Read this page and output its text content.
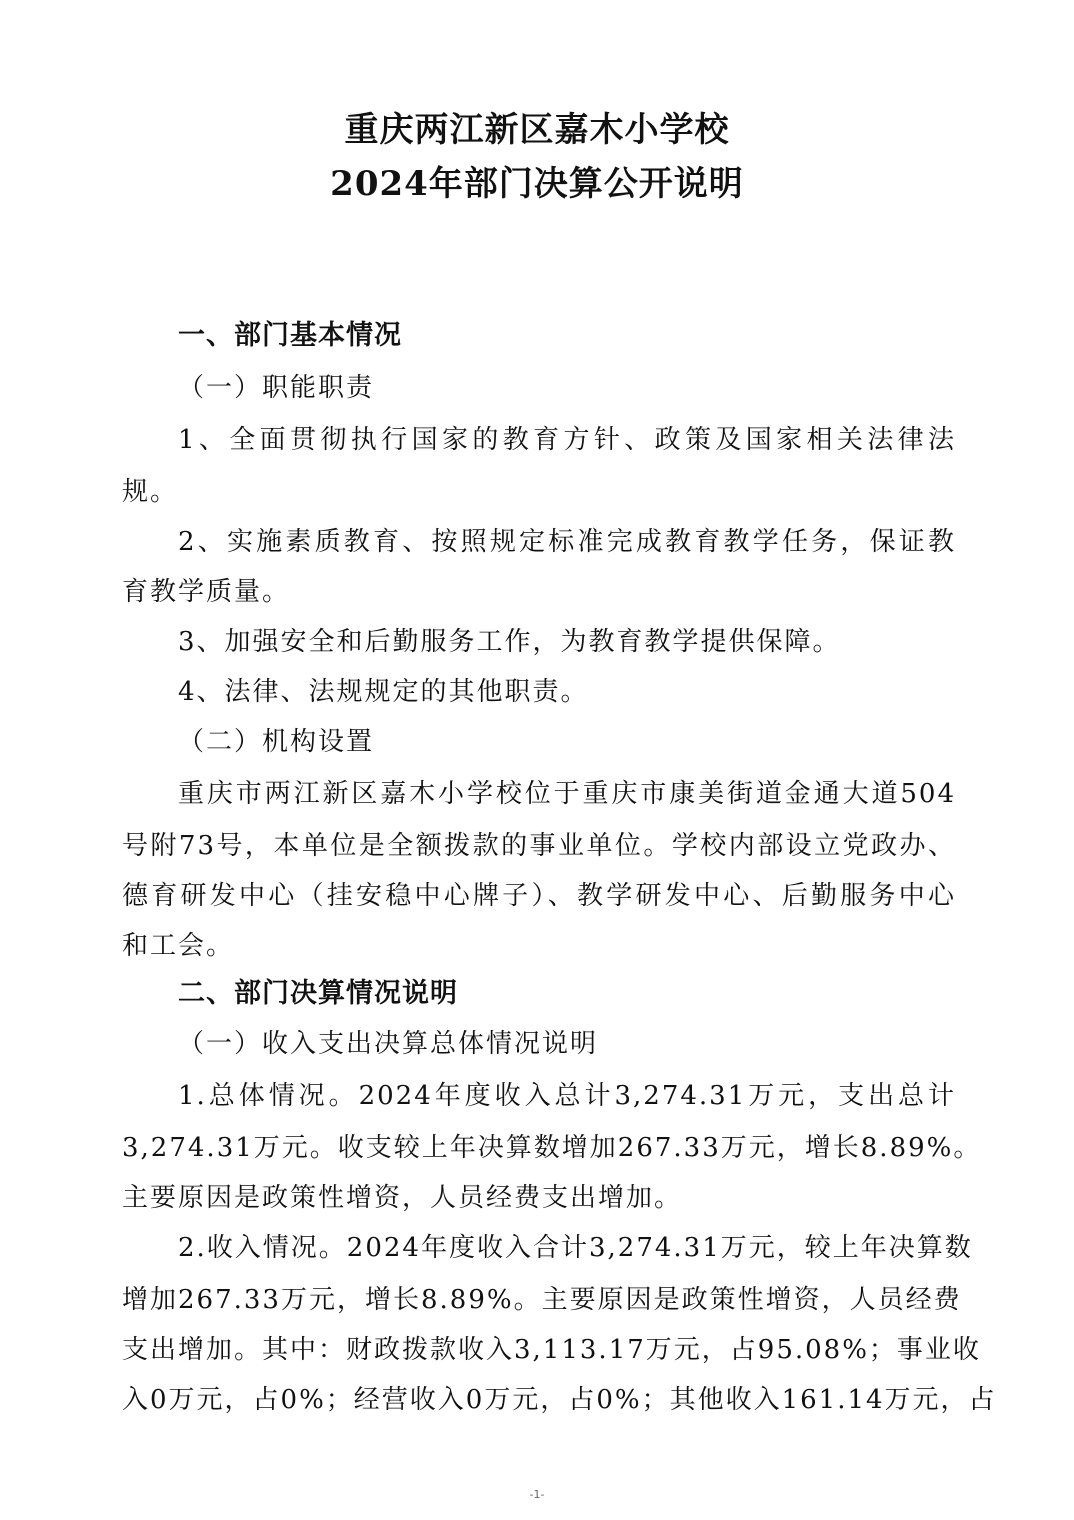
重庆两江新区嘉木小学校
2024年部门决算公开说明
一、部门基本情况
（一）职能职责
1、全面贯彻执行国家的教育方针、政策及国家相关法律法
规。
2、实施素质教育、按照规定标准完成教育教学任务，保证教
育教学质量。
3、加强安全和后勤服务工作，为教育教学提供保障。
4、法律、法规规定的其他职责。
（二）机构设置
重庆市两江新区嘉木小学校位于重庆市康美街道金通大道504
号附73号，本单位是全额拨款的事业单位。学校内部设立党政办、
德育研发中心（挂安稳中心牌子）、教学研发中心、后勤服务中心
和工会。
二、部门决算情况说明
（一）收入支出决算总体情况说明
1.总体情况。2024年度收入总计3,274.31万元，支出总计
3,274.31万元。收支较上年决算数增加267.33万元，增长8.89%。
主要原因是政策性增资，人员经费支出增加。
2.收入情况。2024年度收入合计3,274.31万元，较上年决算数
增加267.33万元，增长8.89%。主要原因是政策性增资，人员经费
支出增加。其中：财政拨款收入3,113.17万元，占95.08%；事业收
入0万元，占0%；经营收入0万元，占0%；其他收入161.14万元，占
-1-
